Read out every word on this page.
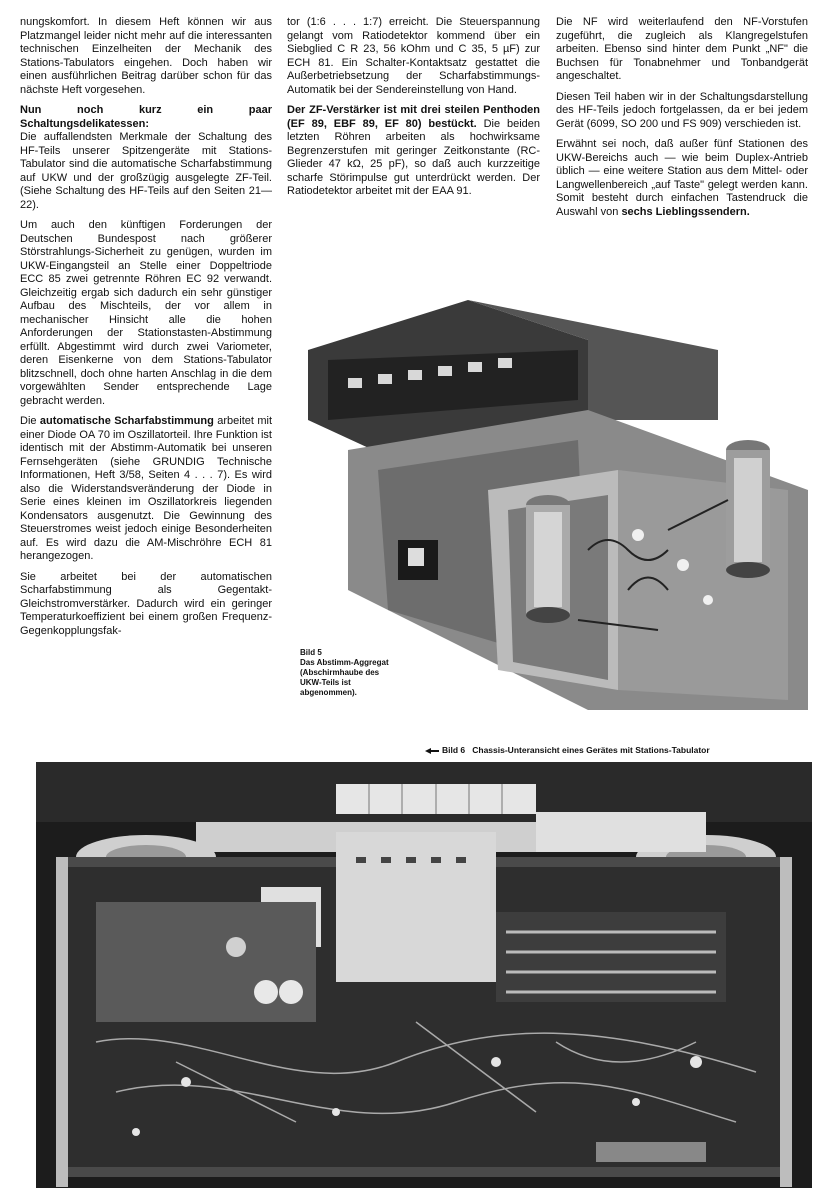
nungskomfort. In diesem Heft können wir aus Platzmangel leider nicht mehr auf die interessanten technischen Einzelheiten der Mechanik des Stations-Tabulators eingehen. Doch haben wir einen ausführlichen Beitrag darüber schon für das nächste Heft vorgesehen.

Nun noch kurz ein paar Schaltungsdelikatessen:

Die auffallendsten Merkmale der Schaltung des HF-Teils unserer Spitzengeräte mit Stations-Tabulator sind die automatische Scharfabstimmung auf UKW und der großzügig ausgelegte ZF-Teil. (Siehe Schaltung des HF-Teils auf den Seiten 21—22).

Um auch den künftigen Forderungen der Deutschen Bundespost nach größerer Störstrahlungs-Sicherheit zu genügen, wurden im UKW-Eingangsteil an Stelle einer Doppeltriode ECC 85 zwei getrennte Röhren EC 92 verwandt. Gleichzeitig ergab sich dadurch ein sehr günstiger Aufbau des Mischteils, der vor allem in mechanischer Hinsicht alle die hohen Anforderungen der Stationstasten-Abstimmung erfüllt. Abgestimmt wird durch zwei Variometer, deren Eisenkerne von dem Stations-Tabulator blitzschnell, doch ohne harten Anschlag in die dem vorgewählten Sender entsprechende Lage gebracht werden.

Die automatische Scharfabstimmung arbeitet mit einer Diode OA 70 im Oszillatorteil. Ihre Funktion ist identisch mit der Abstimm-Automatik bei unseren Fernsehgeräten (siehe GRUNDIG Technische Informationen, Heft 3/58, Seiten 4 . . . 7). Es wird also die Widerstandsveränderung der Diode in Serie eines kleinen im Oszillatorkreis liegenden Kondensators ausgenutzt. Die Gewinnung des Steuerstromes weist jedoch einige Besonderheiten auf. Es wird dazu die AM-Mischröhre ECH 81 herangezogen.

Sie arbeitet bei der automatischen Scharfabstimmung als Gegentakt-Gleichstromverstärker. Dadurch wird ein geringer Temperaturkoeffizient bei einem großen Frequenz-Gegenkopplungsfak-

tor (1:6 . . . 1:7) erreicht. Die Steuerspannung gelangt vom Ratiodetektor kommend über ein Siebglied C R 23, 56 kOhm und C 35, 5 µF) zur ECH 81. Ein Schalter-Kontaktsatz gestattet die Außerbetriebsetzung der Scharfabstimmungs-Automatik bei der Sendereinstellung von Hand.

Der ZF-Verstärker ist mit drei steilen Penthoden (EF 89, EBF 89, EF 80) bestückt. Die beiden letzten Röhren arbeiten als hochwirksame Begrenzerstufen mit geringer Zeitkonstante (RC-Glieder 47 kΩ, 25 pF), so daß auch kurzzeitige scharfe Störimpulse gut unterdrückt werden. Der Ratiodetektor arbeitet mit der EAA 91.

Die NF wird weiterlaufend den NF-Vorstufen zugeführt, die zugleich als Klangregelstufen arbeiten. Ebenso sind hinter dem Punkt „NF" die Buchsen für Tonabnehmer und Tonbandgerät angeschaltet.

Diesen Teil haben wir in der Schaltungsdarstellung des HF-Teils jedoch fortgelassen, da er bei jedem Gerät (6099, SO 200 und FS 909) verschieden ist.

Erwähnt sei noch, daß außer fünf Stationen des UKW-Bereichs auch — wie beim Duplex-Antrieb üblich — eine weitere Station aus dem Mittel- oder Langwellenbereich „auf Taste" gelegt werden kann. Somit besteht durch einfachen Tastendruck die Auswahl von sechs Lieblingssendern.

Bild 5
Das Abstimm-Aggregat
(Abschirmhaube des
UKW-Teils ist
abgenommen).
Bild 6 Chassis-Unteransicht eines Gerätes mit Stations-Tabulator
